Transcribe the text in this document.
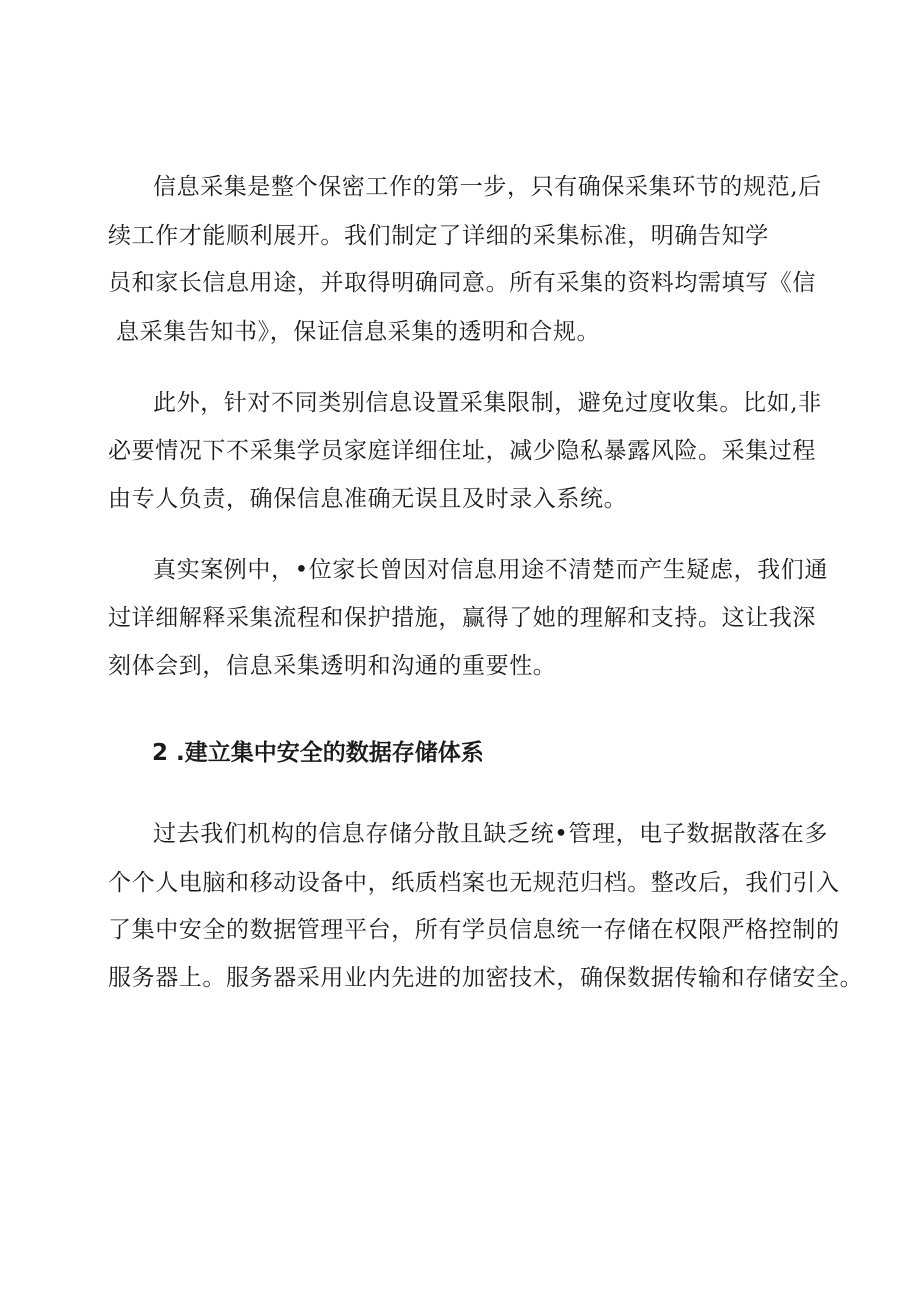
信息采集是整个保密工作的第一步，只有确保采集环节的规范,后
续工作才能顺利展开。我们制定了详细的采集标准，明确告知学
员和家长信息用途，并取得明确同意。所有采集的资料均需填写《信
息采集告知书》，保证信息采集的透明和合规。
此外，针对不同类别信息设置采集限制，避免过度收集。比如,非
必要情况下不采集学员家庭详细住址，减少隐私暴露风险。采集过程
由专人负责，确保信息准确无误且及时录入系统。
真实案例中，•位家长曾因对信息用途不清楚而产生疑虑，我们通
过详细解释采集流程和保护措施，赢得了她的理解和支持。这让我深
刻体会到，信息采集透明和沟通的重要性。
2 .建立集中安全的数据存储体系
过去我们机构的信息存储分散且缺乏统•管理，电子数据散落在多
个个人电脑和移动设备中，纸质档案也无规范归档。整改后，我们引入
了集中安全的数据管理平台，所有学员信息统一存储在权限严格控制的
服务器上。服务器采用业内先进的加密技术，确保数据传输和存储安全。
